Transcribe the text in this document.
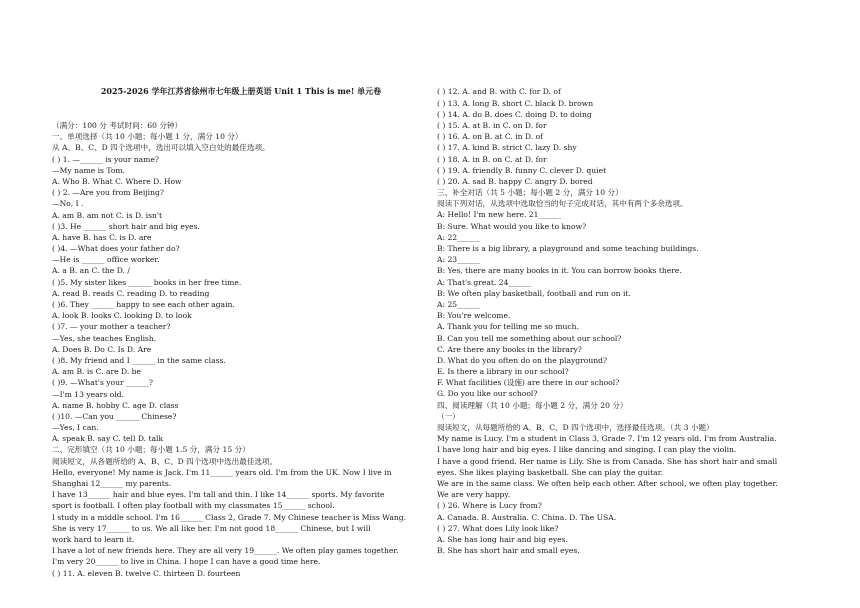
2025-2026 学年江苏省徐州市七年级上册英语 Unit 1 This is me! 单元卷

（满分：100 分 考试时间：60 分钟）
一、单项选择（共 10 小题；每小题 1 分，满分 10 分）
从 A、B、C、D 四个选项中，选出可以填入空白处的最佳选项。
( ) 1. —______ is your name?
—My name is Tom.
A. Who B. What C. Where D. How
( ) 2. —Are you from Beijing?
—No, I .
A. am B. am not C. is D. isn't
( )3. He ______ short hair and big eyes.
A. have B. has C. is D. are
( )4. —What does your father do?
—He is ______ office worker.
A. a B. an C. the D. /
( )5. My sister likes ______ books in her free time.
A. read B. reads C. reading D. to reading
( )6. They ______ happy to see each other again.
A. look B. looks C. looking D. to look
( )7. — your mother a teacher?
—Yes, she teaches English.
A. Does B. Do C. Is D. Are
( )8. My friend and I ______ in the same class.
A. am B. is C. are D. be
( )9. —What's your ______?
—I'm 13 years old.
A. name B. hobby C. age D. class
( )10. —Can you ______ Chinese?
—Yes, I can.
A. speak B. say C. tell D. talk
二、完形填空（共 10 小题；每小题 1.5 分，满分 15 分）
阅读短文，从各题所给的 A、B、C、D 四个选项中选出最佳选项。
Hello, everyone! My name is Jack. I'm 11______ years old. I'm from the UK. Now I live in
Shanghai 12______ my parents.
I have 13______ hair and blue eyes. I'm tall and thin. I like 14______ sports. My favorite
sport is football. I often play football with my classmates 15______ school.
I study in a middle school. I'm 16______ Class 2, Grade 7. My Chinese teacher is Miss Wang.
She is very 17______ to us. We all like her. I'm not good 18______ Chinese, but I will
work hard to learn it.
I have a lot of new friends here. They are all very 19______. We often play games together.
I'm very 20______ to live in China. I hope I can have a good time here.
( ) 11. A. eleven B. twelve C. thirteen D. fourteen

( ) 12. A. and B. with C. for D. of
( ) 13. A. long B. short C. black D. brown
( ) 14. A. do B. does C. doing D. to doing
( ) 15. A. at B. in C. on D. for
( ) 16. A. on B. at C. in D. of
( ) 17. A. kind B. strict C. lazy D. shy
( ) 18. A. in B. on C. at D. for
( ) 19. A. friendly B. funny C. clever D. quiet
( ) 20. A. sad B. happy C. angry D. bored
三、补全对话（共 5 小题；每小题 2 分，满分 10 分）
阅读下列对话，从选项中选取恰当的句子完成对话，其中有两个多余选项。
A: Hello! I'm new here. 21______
B: Sure. What would you like to know?
A: 22______
B: There is a big library, a playground and some teaching buildings.
A: 23______
B: Yes, there are many books in it. You can borrow books there.
A: That's great. 24______
B: We often play basketball, football and run on it.
A: 25______
B: You're welcome.
A. Thank you for telling me so much.
B. Can you tell me something about our school?
C. Are there any books in the library?
D. What do you often do on the playground?
E. Is there a library in our school?
F. What facilities (设施) are there in our school?
G. Do you like our school?
四、阅读理解（共 10 小题；每小题 2 分，满分 20 分）
（一）
阅读短文，从每题所给的 A、B、C、D 四个选项中，选择最佳选项。（共 3 小题）
My name is Lucy. I'm a student in Class 3, Grade 7. I'm 12 years old. I'm from Australia.
I have long hair and big eyes. I like dancing and singing. I can play the violin.
I have a good friend. Her name is Lily. She is from Canada. She has short hair and small
eyes. She likes playing basketball. She can play the guitar.
We are in the same class. We often help each other. After school, we often play together.
We are very happy.
( ) 26. Where is Lucy from?
A. Canada. B. Australia. C. China. D. The USA.
( ) 27. What does Lily look like?
A. She has long hair and big eyes.
B. She has short hair and small eyes.
